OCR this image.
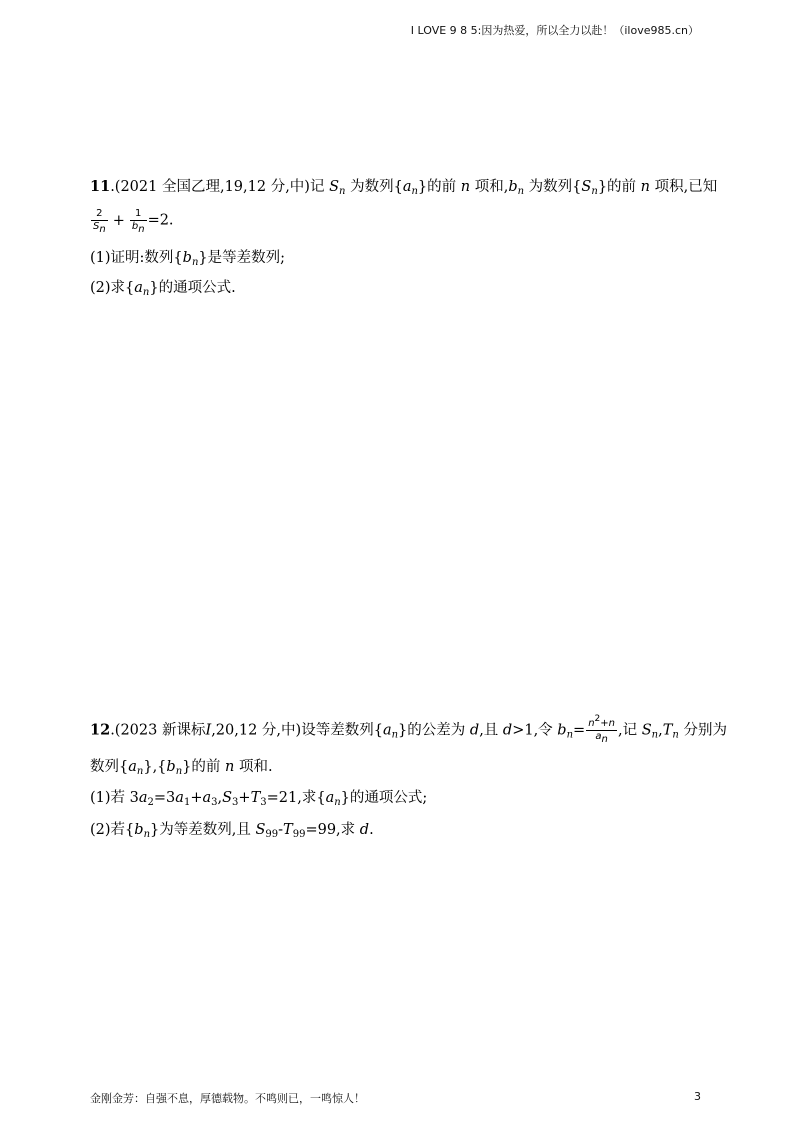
I LOVE 9 8 5:因为热爱，所以全力以赴！（ilove985.cn）
11.(2021 全国乙理,19,12 分,中)记 $S_n$ 为数列$\{a_n\}$的前 n 项和$,b_n$ 为数列$\{S_n\}$的前 n 项积,已知
$\frac{2}{S_n} + \frac{1}{b_n} =2$.
(1)证明:数列$\{b_n\}$是等差数列;
(2)求$\{a_n\}$的通项公式.
12.(2023 新课标I,20,12 分,中)设等差数列$\{a_n\}$的公差为 d,且 d>1,令 $b_n= \frac{n^2+n}{a_n}$ ,记 $S_n,T_n$ 分别为
数列$\{a_n\},\{b_n\}$的前 n 项和.
(1)若 $3a_2=3a_1+a_3,S_3+T_3=21$,求$\{a_n\}$的通项公式;
(2)若$\{b_n\}$为等差数列,且 $S_{99}-T_{99}=99$,求 d.
金刚金芳：自强不息，厚德载物。不鸣则已，一鸣惊人！	3
